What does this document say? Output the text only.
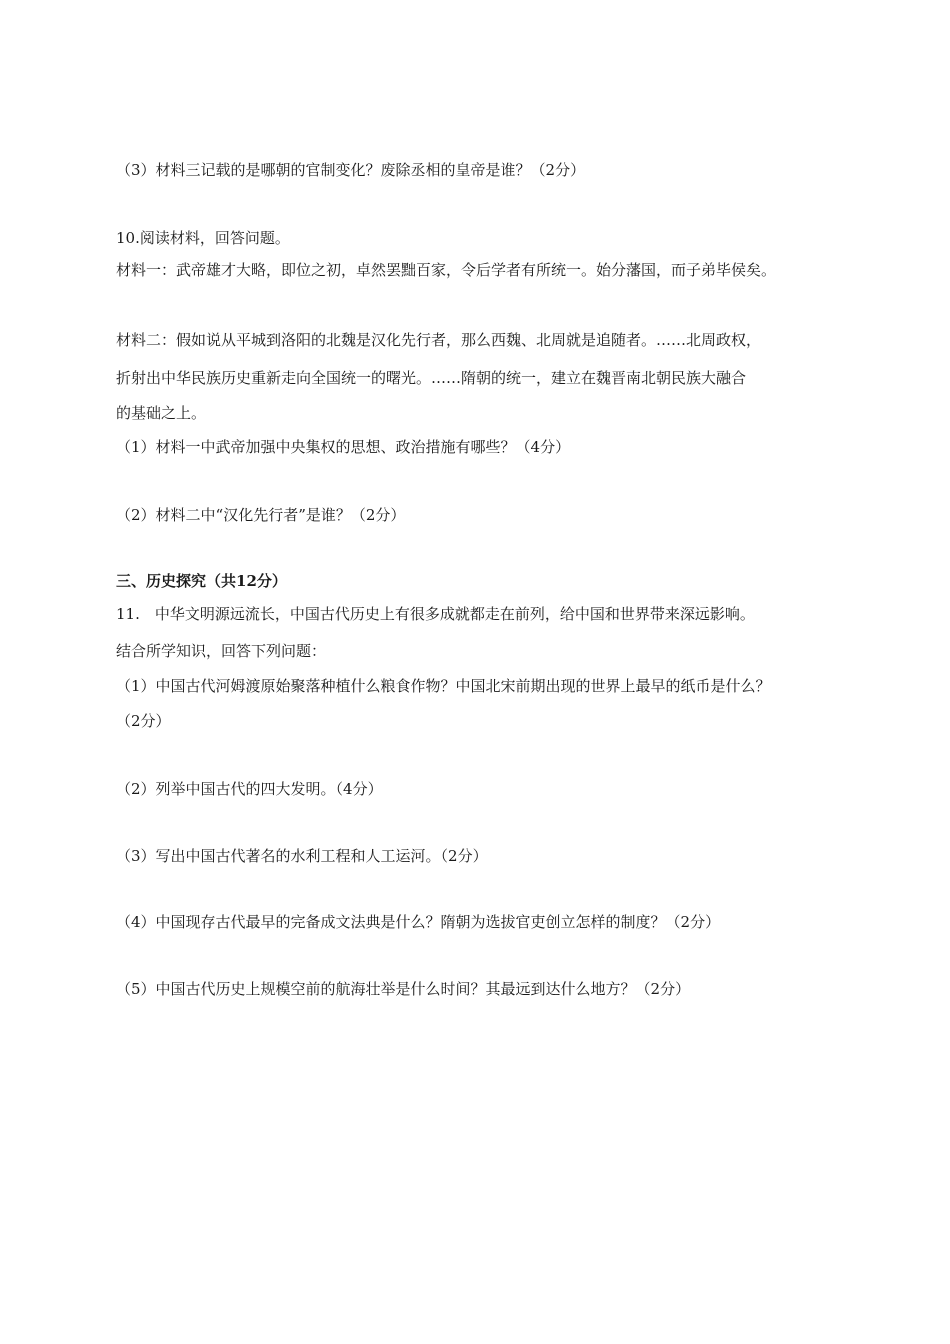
（3）材料三记载的是哪朝的官制变化？废除丞相的皇帝是谁？（2分）
10.阅读材料，回答问题。
材料一：武帝雄才大略，即位之初，卓然罢黜百家，令后学者有所统一。始分藩国，而子弟毕侯矣。
材料二：假如说从平城到洛阳的北魏是汉化先行者，那么西魏、北周就是追随者。……北周政权，
折射出中华民族历史重新走向全国统一的曙光。……隋朝的统一，建立在魏晋南北朝民族大融合
的基础之上。
（1）材料一中武帝加强中央集权的思想、政治措施有哪些？（4分）
（2）材料二中“汉化先行者”是谁？（2分）
三、历史探究（共12分）
11.　中华文明源远流长，中国古代历史上有很多成就都走在前列，给中国和世界带来深远影响。
结合所学知识，回答下列问题：
（1）中国古代河姆渡原始聚落种植什么粮食作物？中国北宋前期出现的世界上最早的纸币是什么？
（2分）
（2）列举中国古代的四大发明。（4分）
（3）写出中国古代著名的水利工程和人工运河。（2分）
（4）中国现存古代最早的完备成文法典是什么？隋朝为选拔官吏创立怎样的制度？（2分）
（5）中国古代历史上规模空前的航海壮举是什么时间？其最远到达什么地方？（2分）
